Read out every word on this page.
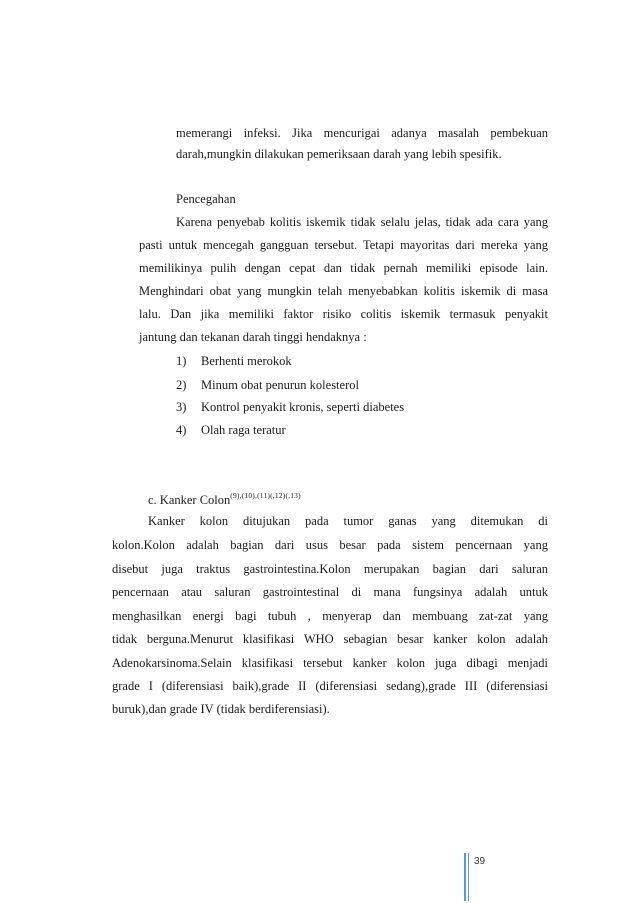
memerangi infeksi. Jika mencurigai adanya masalah pembekuan
darah,mungkin dilakukan pemeriksaan darah yang lebih spesifik.
Pencegahan
Karena penyebab kolitis iskemik tidak selalu jelas, tidak ada cara yang
pasti untuk mencegah gangguan tersebut. Tetapi mayoritas dari mereka yang
memilikinya pulih dengan cepat dan tidak pernah memiliki episode lain.
Menghindari obat yang mungkin telah menyebabkan kolitis iskemik di masa
lalu. Dan jika memiliki faktor risiko colitis iskemik termasuk penyakit
jantung dan tekanan darah tinggi hendaknya :
1) Berhenti merokok
2) Minum obat penurun kolesterol
3) Kontrol penyakit kronis, seperti diabetes
4) Olah raga teratur
c. Kanker Colon$^{(9),(10),(11)(,12)(,13)}$
Kanker kolon ditujukan pada tumor ganas yang ditemukan di
kolon.Kolon adalah bagian dari usus besar pada sistem pencernaan yang
disebut juga traktus gastrointestina.Kolon merupakan bagian dari saluran
pencernaan atau saluran gastrointestinal di mana fungsinya adalah untuk
menghasilkan energi bagi tubuh , menyerap dan membuang zat-zat yang
tidak berguna.Menurut klasifikasi WHO sebagian besar kanker kolon adalah
Adenokarsinoma.Selain klasifikasi tersebut kanker kolon juga dibagi menjadi
grade I (diferensiasi baik),grade II (diferensiasi sedang),grade III (diferensiasi
buruk),dan grade IV (tidak berdiferensiasi).
39
